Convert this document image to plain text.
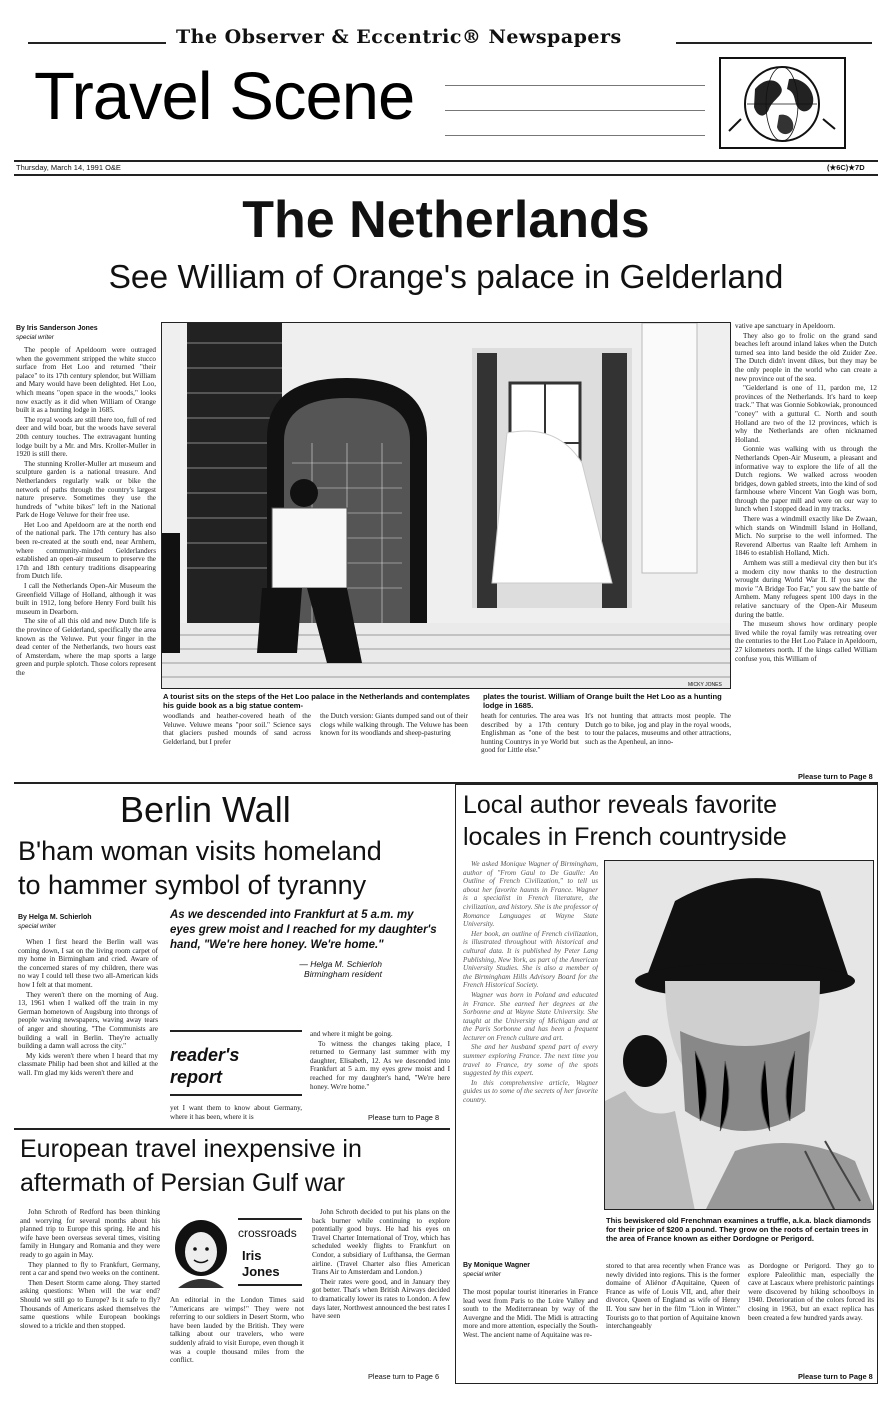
The Observer & Eccentric® Newspapers
Travel Scene
Thursday, March 14, 1991 O&E	(★6C)★7D
The Netherlands
See William of Orange's palace in Gelderland
By Iris Sanderson Jones
special writer

The people of Apeldoorn were outraged when the government stripped the white stucco surface from Het Loo and returned "their palace" to its 17th century splendor, but William and Mary would have been delighted. Het Loo, which means "open space in the woods," looks now exactly as it did when William of Orange built it as a hunting lodge in 1685.

The royal woods are still there too, full of red deer and wild boar, but the woods have several 20th century touches. The extravagant hunting lodge built by a Mr. and Mrs. Kroller-Muller in 1920 is still there.

The stunning Kroller-Muller art museum and sculpture garden is a national treasure. And Netherlanders regularly walk or bike the network of paths through the country's largest nature preserve. Sometimes they use the hundreds of "white bikes" left in the National Park de Hoge Veluwe for their free use.

Het Loo and Apeldoorn are at the north end of the national park. The 17th century has also been re-created at the south end, near Arnhem, where community-minded Gelderlanders established an open-air museum to preserve the 17th and 18th century traditions disappearing from Dutch life.

I call the Netherlands Open-Air Museum the Greenfield Village of Holland, although it was built in 1912, long before Henry Ford built his museum in Dearborn.

The site of all this old and new Dutch life is the province of Gelderland, specifically the area known as the Veluwe. Put your finger in the dead center of the Netherlands, two hours east of Amsterdam, where the map sports a large green and purple splotch. Those colors represent the

MICKY JONES
A tourist sits on the steps of the Het Loo palace in the Netherlands and contemplates his guide book as a big statue contem-
plates the tourist. William of Orange built the Het Loo as a hunting lodge in 1685.
woodlands and heather-covered heath of the Veluwe. Veluwe means "poor soil." Science says that glaciers pushed mounds of sand across Gelderland, but I prefer
the Dutch version: Giants dumped sand out of their clogs while walking through. The Veluwe has been known for its woodlands and sheep-pasturing
heath for centuries. The area was described by a 17th century Englishman as "one of the best hunting Countrys in ye World but good for Little else."
It's not hunting that attracts most people. The Dutch go to bike, jog and play in the royal woods, to tour the palaces, museums and other attractions, such as the Apenheul, an inno-

vative ape sanctuary in Apeldoorn.

They also go to frolic on the grand sand beaches left around inland lakes when the Dutch turned sea into land beside the old Zuider Zee. The Dutch didn't invent dikes, but they may be the only people in the world who can create a new province out of the sea.

"Gelderland is one of 11, pardon me, 12 provinces of the Netherlands. It's hard to keep track." That was Gonnie Sobkowiak, pronounced "coney" with a guttural C. North and south Holland are two of the 12 provinces, which is why the Netherlands are often nicknamed Holland.

Gonnie was walking with us through the Netherlands Open-Air Museum, a pleasant and informative way to explore the life of all the Dutch regions. We walked across wooden bridges, down gabled streets, into the kind of sod farmhouse where Vincent Van Gogh was born, through the paper mill and were on our way to lunch when I stopped dead in my tracks.

There was a windmill exactly like De Zwaan, which stands on Windmill Island in Holland, Mich. No surprise to the well informed. The Reverend Albertus van Raalte left Arnhem in 1846 to establish Holland, Mich.

Arnhem was still a medieval city then but it's a modern city now thanks to the destruction wrought during World War II. If you saw the movie "A Bridge Too Far," you saw the battle of Arnhem. Many refugees spent 100 days in the relative sanctuary of the Open-Air Museum during the battle.

The museum shows how ordinary people lived while the royal family was retreating over the centuries to the Het Loo Palace in Apeldoorn, 27 kilometers north. If the kings called William confuse you, this William of

Please turn to Page 8
Berlin Wall
B'ham woman visits homeland
to hammer symbol of tyranny
By Helga M. Schierloh
special writer
As we descended into Frankfurt at 5 a.m. my eyes grew moist and I reached for my daughter's hand, "We're here honey. We're home."
— Helga M. Schierloh
Birmingham resident

When I first heard the Berlin wall was coming down, I sat on the living room carpet of my home in Birmingham and cried. Aware of the concerned stares of my children, there was no way I could tell these two all-American kids how I felt at that moment.

They weren't there on the morning of Aug. 13, 1961 when I walked off the train in my German hometown of Augsburg into throngs of people waving newspapers, waving away tears of anger and shouting, "The Communists are building a wall in Berlin. They're actually building a damn wall across the city."

My kids weren't there when I heard that my classmate Philip had been shot and killed at the wall. I'm glad my kids weren't there and

reader's report
yet I want them to know about Germany, where it has been, where it is

and where it might be going.

To witness the changes taking place, I returned to Germany last summer with my daughter, Elisabeth, 12. As we descended into Frankfurt at 5 a.m. my eyes grew moist and I reached for my daughter's hand, "We're here honey. We're home."

Please turn to Page 8
Local author reveals favorite
locales in French countryside

We asked Monique Wagner of Birmingham, author of "From Gaul to De Gaulle: An Outline of French Civilization," to tell us about her favorite haunts in France. Wagner is a specialist in French literature, the civilization, and history. She is the professor of Romance Languages at Wayne State University.

Her book, an outline of French civilization, is illustrated throughout with historical and cultural data. It is published by Peter Lang Publishing, New York, as part of the American University Studies. She is also a member of the Birmingham Hills Advisory Board for the French Historical Society.

Wagner was born in Poland and educated in France. She earned her degrees at the Sorbonne and at Wayne State University. She taught at the University of Michigan and at the Paris Sorbonne and has been a frequent lecturer on French culture and art.

She and her husband spend part of every summer exploring France. The next time you travel to France, try some of the spots suggested by this expert.

In this comprehensive article, Wagner guides us to some of the secrets of her favorite country.

This bewiskered old Frenchman examines a truffle, a.k.a. black diamonds for their price of $200 a pound. They grow on the roots of certain trees in the area of France known as either Dordogne or Perigord.
By Monique Wagner
special writer
The most popular tourist itineraries in France lead west from Paris to the Loire Valley and south to the Mediterranean by way of the Auvergne and the Midi. The Midi is attracting more and more attention, especially the South-West. The ancient name of Aquitaine was re-
stored to that area recently when France was newly divided into regions. This is the former domaine of Aliénor d'Aquitaine, Queen of France as wife of Louis VII, and, after their divorce, Queen of England as wife of Henry II. You saw her in the film "Lion in Winter." Tourists go to that portion of Aquitaine known interchangeably
as Dordogne or Perigord. They go to explore Paleolithic man, especially the cave at Lascaux where prehistoric paintings were discovered by hiking schoolboys in 1940. Deterioration of the colors forced its closing in 1963, but an exact replica has been created a few hundred yards away.
Please turn to Page 8
European travel inexpensive in
aftermath of Persian Gulf war

John Schroth of Redford has been thinking and worrying for several months about his planned trip to Europe this spring. He and his wife have been overseas several times, visiting family in Hungary and Romania and they were ready to go again in May.

They planned to fly to Frankfurt, Germany, rent a car and spend two weeks on the continent.

Then Desert Storm came along. They started asking questions: When will the war end? Should we still go to Europe? Is it safe to fly? Thousands of Americans asked themselves the same questions while European bookings slowed to a trickle and then stopped.

crossroads
Iris
Jones
An editorial in the London Times said "Americans are wimps!" They were not referring to our soldiers in Desert Storm, who have been lauded by the British. They were talking about our travelers, who were suddenly afraid to visit Europe, even though it was a couple thousand miles from the conflict.

John Schroth decided to put his plans on the back burner while continuing to explore potentially good buys. He had his eyes on Travel Charter International of Troy, which has scheduled weekly flights to Frankfurt on Condor, a subsidiary of Lufthansa, the German airline. (Travel Charter also flies American Trans Air to Amsterdam and London.)

Their rates were good, and in January they got better. That's when British Airways decided to dramatically lower its rates to London. A few days later, Northwest announced the best rates I have seen

Please turn to Page 6
